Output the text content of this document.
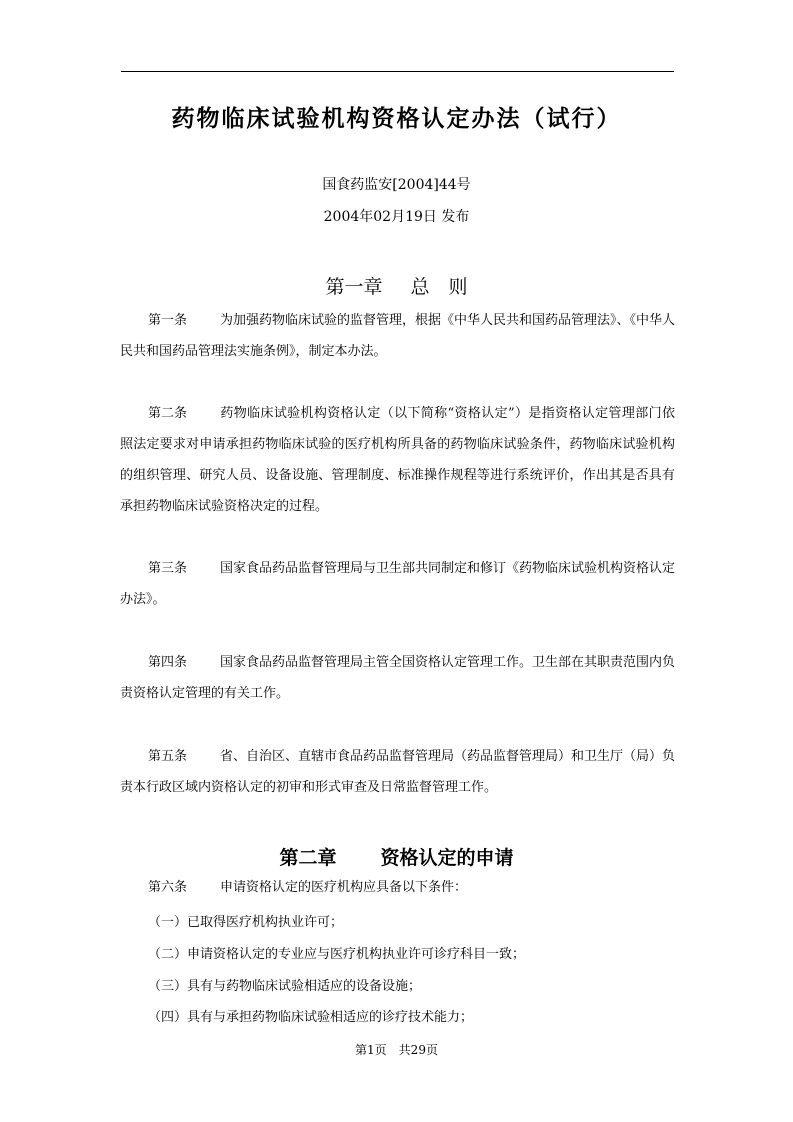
药物临床试验机构资格认定办法（试行）
国食药监安[2004]44号
2004年02月19日 发布
第一章 总　则
第一条	为加强药物临床试验的监督管理，根据《中华人民共和国药品管理法》、《中华人民共和国药品管理法实施条例》，制定本办法。
第二条	药物临床试验机构资格认定（以下简称“资格认定”）是指资格认定管理部门依照法定要求对申请承担药物临床试验的医疗机构所具备的药物临床试验条件，药物临床试验机构的组织管理、研究人员、设备设施、管理制度、标准操作规程等进行系统评价，作出其是否具有承担药物临床试验资格决定的过程。
第三条	国家食品药品监督管理局与卫生部共同制定和修订《药物临床试验机构资格认定办法》。
第四条	国家食品药品监督管理局主管全国资格认定管理工作。卫生部在其职责范围内负责资格认定管理的有关工作。
第五条	省、自治区、直辖市食品药品监督管理局（药品监督管理局）和卫生厅（局）负责本行政区域内资格认定的初审和形式审查及日常监督管理工作。
第二章 资格认定的申请
第六条	申请资格认定的医疗机构应具备以下条件：
（一）已取得医疗机构执业许可；
（二）申请资格认定的专业应与医疗机构执业许可诊疗科目一致；
（三）具有与药物临床试验相适应的设备设施；
（四）具有与承担药物临床试验相适应的诊疗技术能力；
第1页　共29页
